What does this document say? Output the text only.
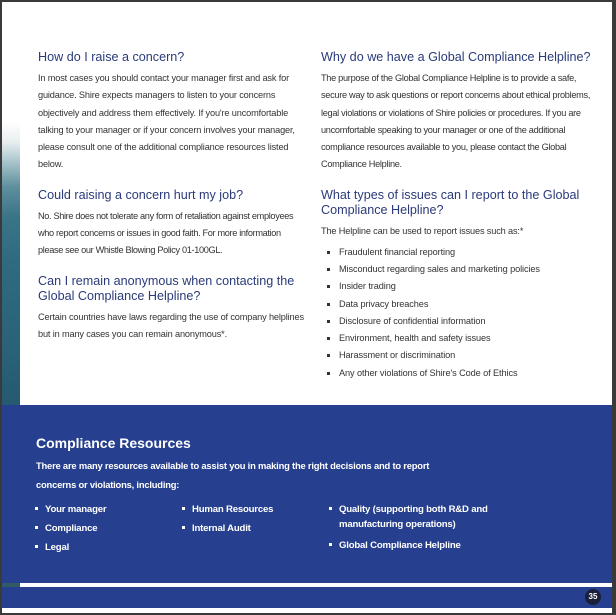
How do I raise a concern?

In most cases you should contact your manager first and ask for guidance. Shire expects managers to listen to your concerns objectively and address them effectively. If you're uncomfortable talking to your manager or if your concern involves your manager, please consult one of the additional compliance resources listed below.

Could raising a concern hurt my job?

No. Shire does not tolerate any form of retaliation against employees who report concerns or issues in good faith. For more information please see our Whistle Blowing Policy 01-100GL.

Can I remain anonymous when contacting the Global Compliance Helpline?

Certain countries have laws regarding the use of company helplines but in many cases you can remain anonymous*.

Why do we have a Global Compliance Helpline?

The purpose of the Global Compliance Helpline is to provide a safe, secure way to ask questions or report concerns about ethical problems, legal violations or violations of Shire policies or procedures. If you are uncomfortable speaking to your manager or one of the additional compliance resources available to you, please contact the Global Compliance Helpline.

What types of issues can I report to the Global Compliance Helpline?

The Helpline can be used to report issues such as:*

Fraudulent financial reporting
Misconduct regarding sales and marketing policies
Insider trading
Data privacy breaches
Disclosure of confidential information
Environment, health and safety issues
Harassment or discrimination
Any other violations of Shire's Code of Ethics
Compliance Resources
There are many resources available to assist you in making the right decisions and to report concerns or violations, including:
Your manager
Compliance
Legal
Human Resources
Internal Audit
Quality (supporting both R&D and manufacturing operations)
Global Compliance Helpline
35
